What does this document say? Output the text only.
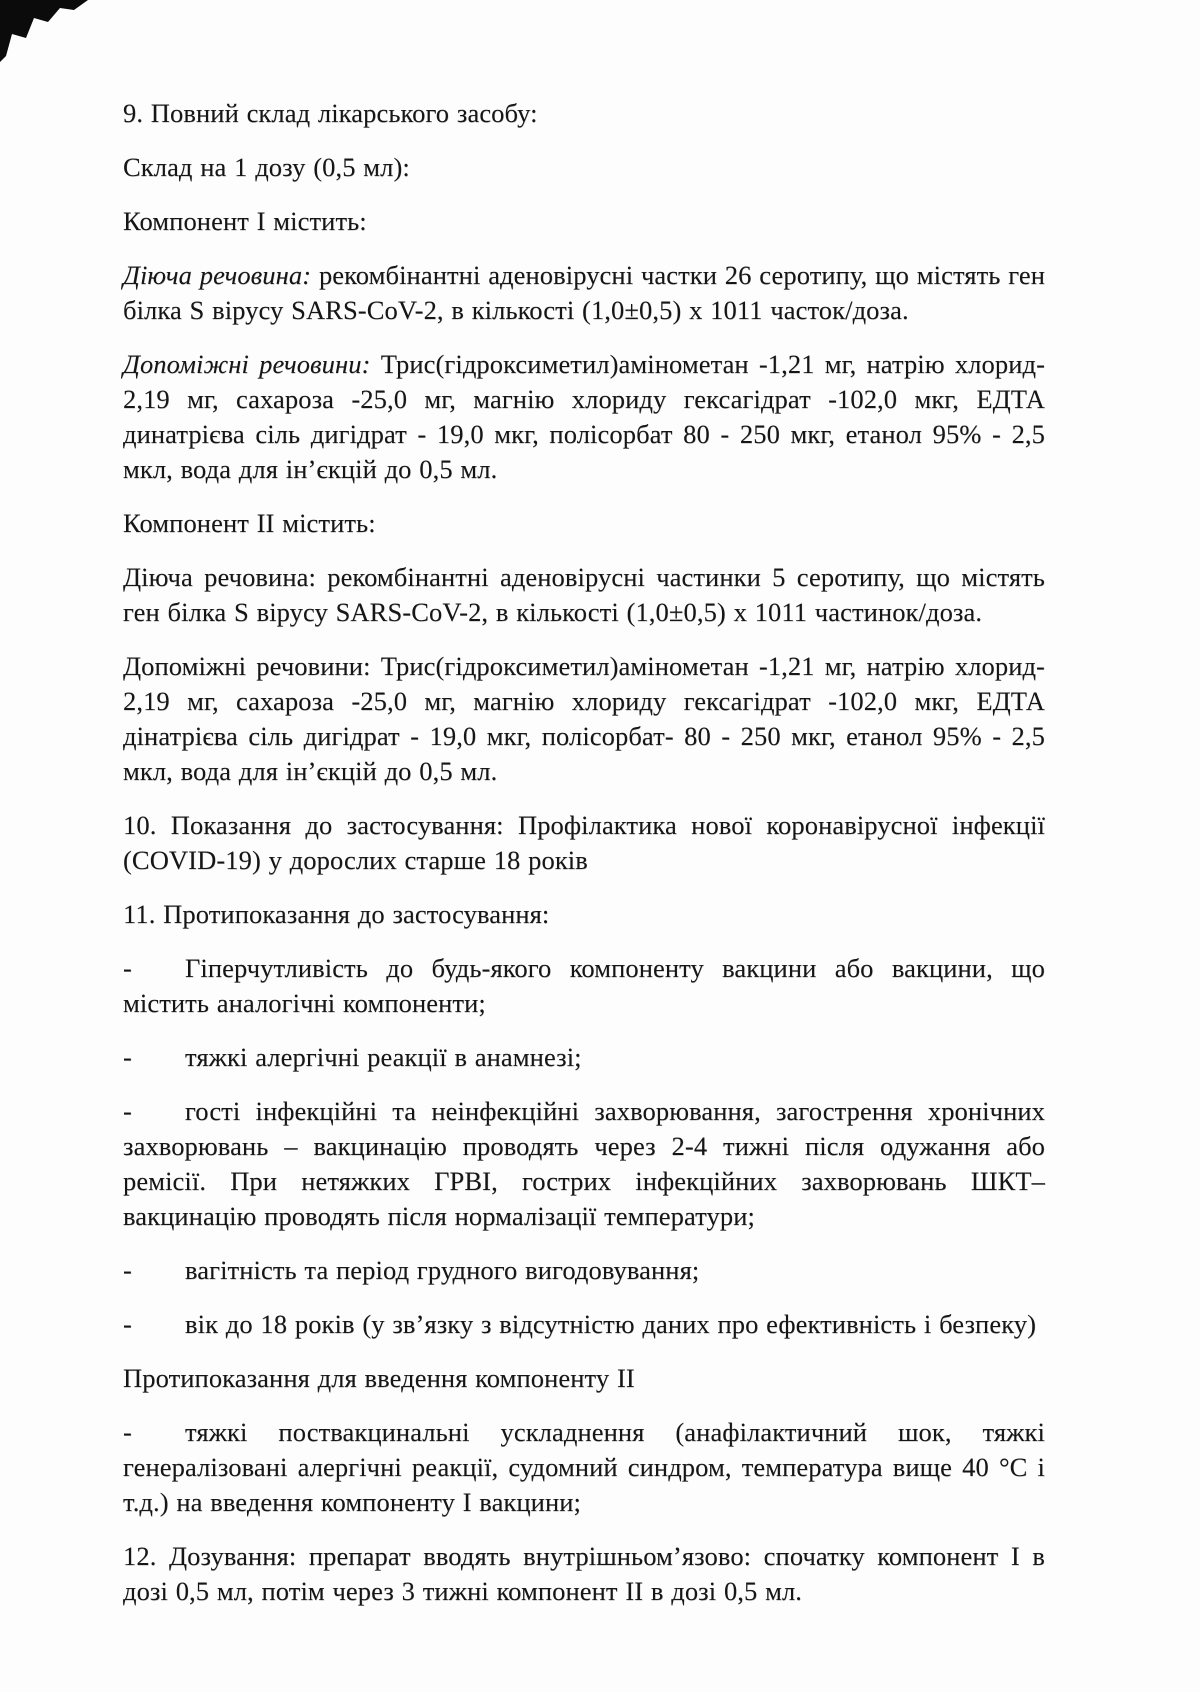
9. Повний склад лікарського засобу:

Склад на 1 дозу (0,5 мл):

Компонент I містить:

Діюча речовина: рекомбінантні аденовірусні частки 26 серотипу, що містять ген білка S вірусу SARS-CoV-2, в кількості (1,0±0,5) х 1011 часток/доза.

Допоміжні речовини: Трис(гідроксиметил)амінометан -1,21 мг, натрію хлорид- 2,19 мг, сахароза -25,0 мг, магнію хлориду гексагідрат -102,0 мкг, ЕДТА динатрієва сіль дигідрат - 19,0 мкг, полісорбат 80 - 250 мкг, етанол 95% - 2,5 мкл, вода для ін’єкцій до 0,5 мл.

Компонент II містить:

Діюча речовина: рекомбінантні аденовірусні частинки 5 серотипу, що містять ген білка S вірусу SARS-CoV-2, в кількості (1,0±0,5) х 1011 частинок/доза.

Допоміжні речовини: Трис(гідроксиметил)амінометан -1,21 мг, натрію хлорид- 2,19 мг, сахароза -25,0 мг, магнію хлориду гексагідрат -102,0 мкг, ЕДТА дінатрієва сіль дигідрат - 19,0 мкг, полісорбат- 80 - 250 мкг, етанол 95% - 2,5 мкл, вода для ін’єкцій до 0,5 мл.

10. Показання до застосування: Профілактика нової коронавірусної інфекції (COVID-19) у дорослих старше 18 років

11. Протипоказання до застосування:

- Гіперчутливість до будь-якого компоненту вакцини або вакцини, що містить аналогічні компоненти;

- тяжкі алергічні реакції в анамнезі;

- гості інфекційні та неінфекційні захворювання, загострення хронічних захворювань – вакцинацію проводять через 2-4 тижні після одужання або ремісії. При нетяжких ГРВІ, гострих інфекційних захворювань ШКТ– вакцинацію проводять після нормалізації температури;

- вагітність та період грудного вигодовування;

- вік до 18 років (у зв’язку з відсутністю даних про ефективність і безпеку)

Протипоказання для введення компоненту II

- тяжкі поствакцинальні ускладнення (анафілактичний шок, тяжкі генералізовані алергічні реакції, судомний синдром, температура вище 40 °С і т.д.) на введення компоненту I вакцини;

12. Дозування: препарат вводять внутрішньом’язово: спочатку компонент I в дозі 0,5 мл, потім через 3 тижні компонент II в дозі 0,5 мл.
